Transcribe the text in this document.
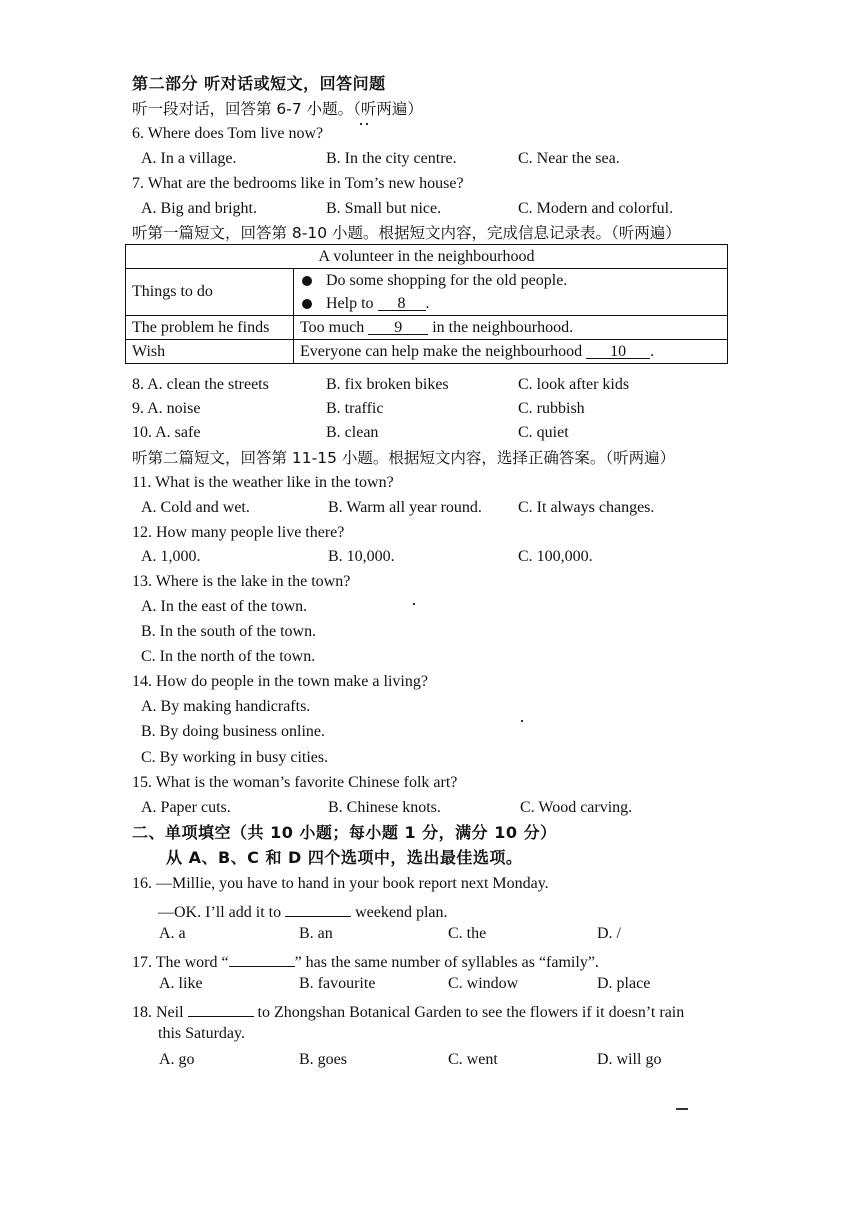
第二部分 听对话或短文，回答问题
听一段对话，回答第 6-7 小题。（听两遍）
6. Where does Tom live now?
A. In a village.	B. In the city centre.	C. Near the sea.
7. What are the bedrooms like in Tom’s new house?
A. Big and bright.	B. Small but nice.	C. Modern and colorful.
听第一篇短文，回答第 8-10 小题。根据短文内容，完成信息记录表。（听两遍）
A volunteer in the neighbourhood	
Things to do	Do some shopping for the old people.
	Help to 8 .
The problem he finds	Too much 9 in the neighbourhood.
Wish	Everyone can help make the neighbourhood 10 .
8. A. clean the streets	B. fix broken bikes	C. look after kids
9. A. noise	B. traffic	C. rubbish
10. A. safe	B. clean	C. quiet
听第二篇短文，回答第 11-15 小题。根据短文内容，选择正确答案。（听两遍）
11. What is the weather like in the town?
A. Cold and wet.	B. Warm all year round. C. It always changes.
12. How many people live there?
A. 1,000.	B. 10,000.	C. 100,000.
13. Where is the lake in the town?
A. In the east of the town.
B. In the south of the town.
C. In the north of the town.
14. How do people in the town make a living?
A. By making handicrafts.
B. By doing business online.
C. By working in busy cities.
15. What is the woman’s favorite Chinese folk art?
A. Paper cuts.	B. Chinese knots.	C. Wood carving.
二、单项填空（共 10 小题；每小题 1 分，满分 10 分）
从 A、B、C 和 D 四个选项中，选出最佳选项。
16. —Millie, you have to hand in your book report next Monday.
—OK. I’ll add it to	weekend plan.
A. a	B. an	C. the	D. /
17. The word “	” has the same number of syllables as “family”.
A. like	B. favourite	C. window	D. place
18. Neil	to Zhongshan Botanical Garden to see the flowers if it doesn’t rain
this Saturday.
A. go	B. goes	C. went	D. will go
